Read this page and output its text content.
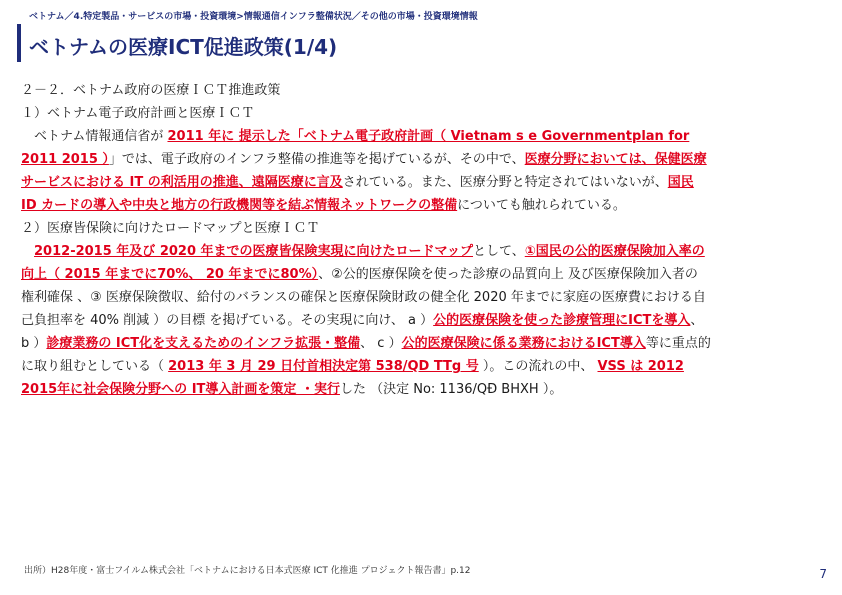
ベトナム／4.特定製品・サービスの市場・投資環境>情報通信インフラ整備状況／その他の市場・投資環境情報
ベトナムの医療ICT促進政策(1/4)
２－２．ベトナム政府の医療ＩＣＴ推進政策
１）ベトナム電子政府計画と医療ＩＣＴ
　ベトナム情報通信省が 2011 年に 提示した「ベトナム電子政府計画（ Vietnam s e Governmentplan for
2011 2015 ）」では、電子政府のインフラ整備の推進等を掲げているが、その中で、医療分野においては、保健医療
サービスにおける IT の利活用の推進、遠隔医療に言及されている。また、医療分野と特定されてはいないが、国民
ID カードの導入や中央と地方の行政機関等を結ぶ情報ネットワークの整備についても触れられている。
２）医療皆保険に向けたロードマップと医療ＩＣＴ
　2012-2015 年及び 2020 年までの医療皆保険実現に向けたロードマップとして、①国民の公的医療保険加入率の
向上（ 2015 年までに70%、 20 年までに80%）、②公的医療保険を使った診療の品質向上 及び医療保険加入者の
権利確保 、③ 医療保険徴収、給付のバランスの確保と医療保険財政の健全化 2020 年までに家庭の医療費における自
己負担率を 40% 削減 ）の目標 を掲げている。その実現に向け、 a ）公的医療保険を使った診療管理にICTを導入、
b ）診療業務の ICT化を支えるためのインフラ拡張・整備、 c ）公的医療保険に係る業務におけるICT導入等に重点的
に取り組むとしている（ 2013 年 3 月 29 日付首相決定第 538/QD TTg 号 ）。この流れの中、 VSS は 2012
2015年に社会保険分野への IT導入計画を策定 ・実行した （決定 No: 1136/QĐ BHXH ）。
出所）H28年度・富士フイルム株式会社「ベトナムにおける日本式医療 ICT 化推進 プロジェクト報告書」p.12	7
